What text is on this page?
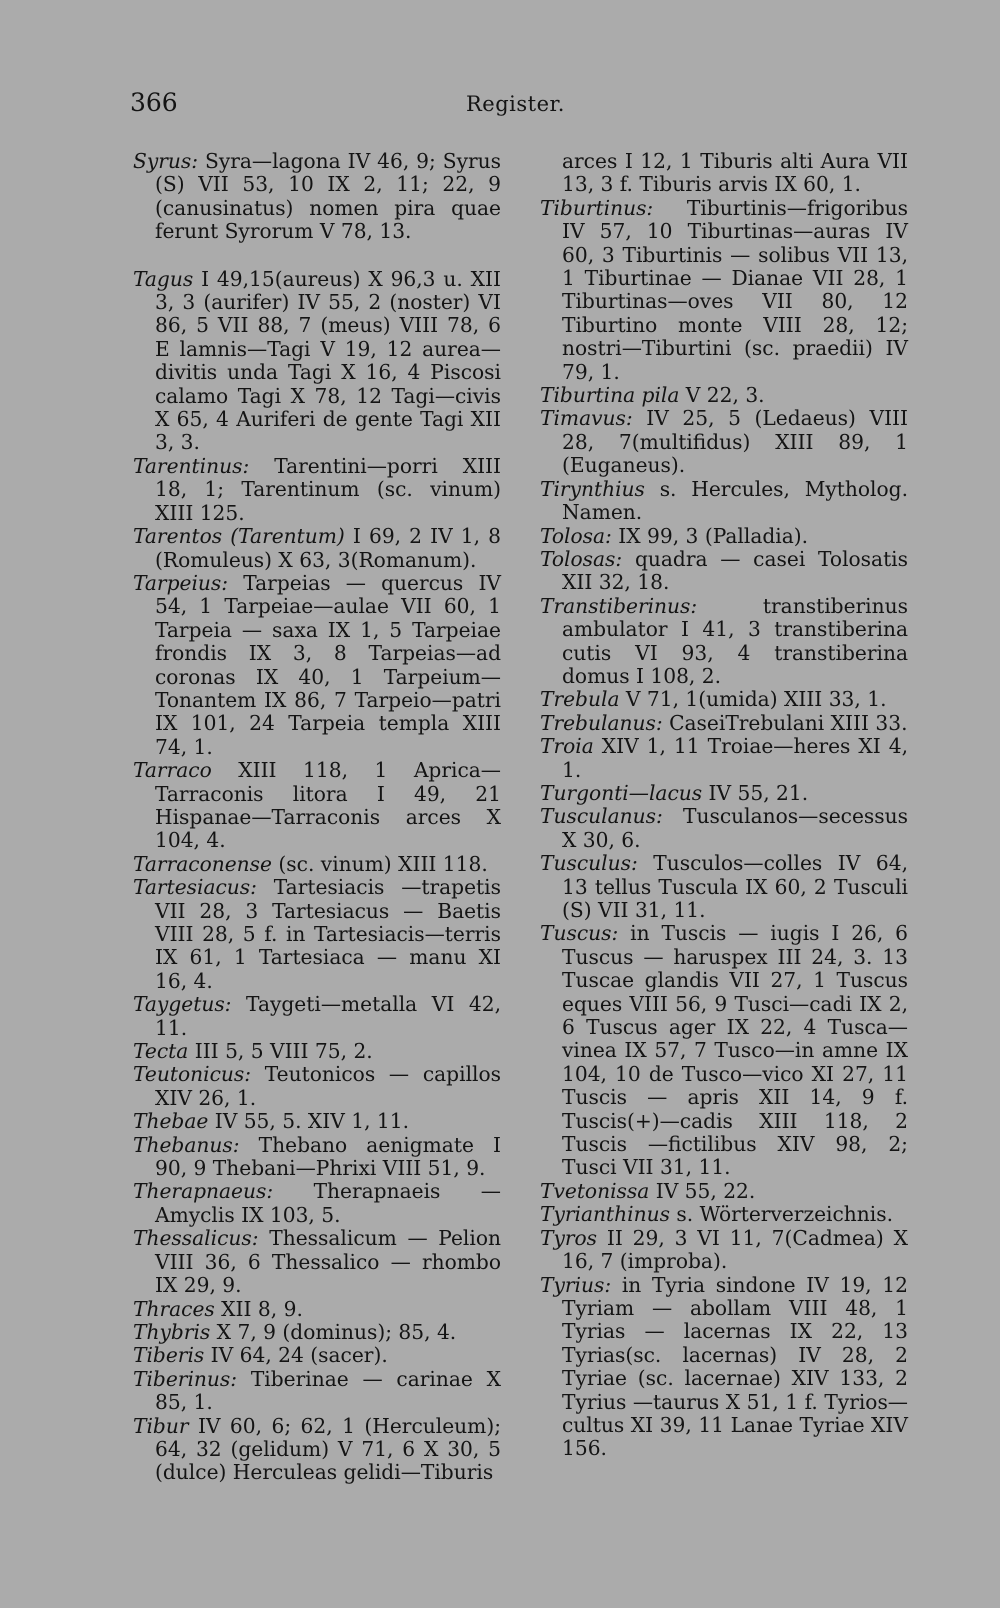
366	Register.

Syrus: Syra—lagona IV 46, 9; Syrus (S) VII 53, 10 IX 2, 11; 22, 9 (canusinatus) nomen pira quae ferunt Syrorum V 78, 13.

Tagus I 49,15(aureus) X 96,3 u. XII 3, 3 (aurifer) IV 55, 2 (noster) VI 86, 5 VII 88, 7 (meus) VIII 78, 6 E lamnis—Tagi V 19, 12 aurea—divitis unda Tagi X 16, 4 Piscosi calamo Tagi X 78, 12 Tagi—civis X 65, 4 Auriferi de gente Tagi XII 3, 3.

Tarentinus: Tarentini—porri XIII 18, 1; Tarentinum (sc. vinum) XIII 125.

Tarentos (Tarentum) I 69, 2 IV 1, 8 (Romuleus) X 63, 3(Romanum).

Tarpeius: Tarpeias — quercus IV 54, 1 Tarpeiae—aulae VII 60, 1 Tarpeia — saxa IX 1, 5 Tarpeiae frondis IX 3, 8 Tarpeias—ad coronas IX 40, 1 Tarpeium—Tonantem IX 86, 7 Tarpeio—patri IX 101, 24 Tarpeia templa XIII 74, 1.

Tarraco XIII 118, 1 Aprica—Tarraconis litora I 49, 21 Hispanae—Tarraconis arces X 104, 4.

Tarraconense (sc. vinum) XIII 118.

Tartesiacus: Tartesiacis —trapetis VII 28, 3 Tartesiacus — Baetis VIII 28, 5 f. in Tartesiacis—terris IX 61, 1 Tartesiaca — manu XI 16, 4.

Taygetus: Taygeti—metalla VI 42, 11.

Tecta III 5, 5 VIII 75, 2.

Teutonicus: Teutonicos — capillos XIV 26, 1.

Thebae IV 55, 5. XIV 1, 11.

Thebanus: Thebano aenigmate I 90, 9 Thebani—Phrixi VIII 51, 9.

Therapnaeus: Therapnaeis — Amyclis IX 103, 5.

Thessalicus: Thessalicum — Pelion VIII 36, 6 Thessalico — rhombo IX 29, 9.

Thraces XII 8, 9.

Thybris X 7, 9 (dominus); 85, 4.

Tiberis IV 64, 24 (sacer).

Tiberinus: Tiberinae — carinae X 85, 1.

Tibur IV 60, 6; 62, 1 (Herculeum); 64, 32 (gelidum) V 71, 6 X 30, 5 (dulce) Herculeas gelidi—Tiburis

arces I 12, 1 Tiburis alti Aura VII 13, 3 f. Tiburis arvis IX 60, 1.

Tiburtinus: Tiburtinis—frigoribus IV 57, 10 Tiburtinas—auras IV 60, 3 Tiburtinis — solibus VII 13, 1 Tiburtinae — Dianae VII 28, 1 Tiburtinas—oves VII 80, 12 Tiburtino monte VIII 28, 12; nostri—Tiburtini (sc. praedii) IV 79, 1.

Tiburtina pila V 22, 3.

Timavus: IV 25, 5 (Ledaeus) VIII 28, 7(multifidus) XIII 89, 1 (Euganeus).

Tirynthius s. Hercules, Mytholog. Namen.

Tolosa: IX 99, 3 (Palladia).

Tolosas: quadra — casei Tolosatis XII 32, 18.

Transtiberinus: transtiberinus ambulator I 41, 3 transtiberina cutis VI 93, 4 transtiberina domus I 108, 2.

Trebula V 71, 1(umida) XIII 33, 1.

Trebulanus: CaseiTrebulani XIII 33.

Troia XIV 1, 11 Troiae—heres XI 4, 1.

Turgonti—lacus IV 55, 21.

Tusculanus: Tusculanos—secessus X 30, 6.

Tusculus: Tusculos—colles IV 64, 13 tellus Tuscula IX 60, 2 Tusculi (S) VII 31, 11.

Tuscus: in Tuscis — iugis I 26, 6 Tuscus — haruspex III 24, 3. 13 Tuscae glandis VII 27, 1 Tuscus eques VIII 56, 9 Tusci—cadi IX 2, 6 Tuscus ager IX 22, 4 Tusca—vinea IX 57, 7 Tusco—in amne IX 104, 10 de Tusco—vico XI 27, 11 Tuscis — apris XII 14, 9 f. Tuscis(+)—cadis XIII 118, 2 Tuscis —fictilibus XIV 98, 2; Tusci VII 31, 11.

Tvetonissa IV 55, 22.

Tyrianthinus s. Wörterverzeichnis.

Tyros II 29, 3 VI 11, 7(Cadmea) X 16, 7 (improba).

Tyrius: in Tyria sindone IV 19, 12 Tyriam — abollam VIII 48, 1 Tyrias — lacernas IX 22, 13 Tyrias(sc. lacernas) IV 28, 2 Tyriae (sc. lacernae) XIV 133, 2 Tyrius —taurus X 51, 1 f. Tyrios—cultus XI 39, 11 Lanae Tyriae XIV 156.
